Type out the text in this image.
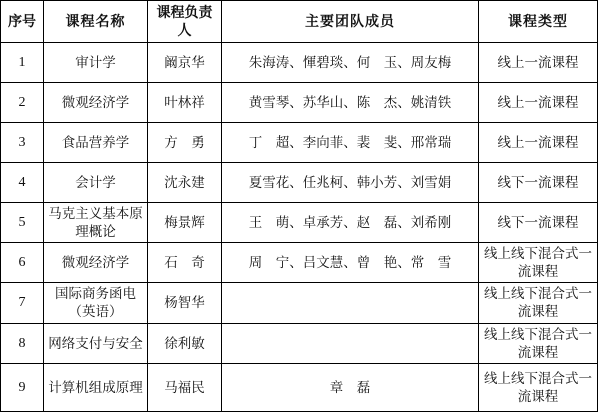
序号	课程名称	课程负责人	主要团队成员	课程类型
1	审计学	阚京华	朱海涛、惲碧琰、何　玉、周友梅	线上一流课程
2	微观经济学	叶林祥	黄雪琴、苏华山、陈　杰、姚清铁	线上一流课程
3	食品营养学	方　勇	丁　超、李向菲、裴　斐、邢常瑞	线上一流课程
4	会计学	沈永建	夏雪花、任兆柯、韩小芳、刘雪娟	线下一流课程
5	马克主义基本原理概论	梅景辉	王　萌、卓承芳、赵　磊、刘希刚	线下一流课程
6	微观经济学	石　奇	周　宁、吕文慧、曾　艳、常　雪	线上线下混合式一流课程
7	国际商务函电（英语）	杨智华		线上线下混合式一流课程
8	网络支付与安全	徐利敏		线上线下混合式一流课程
9	计算机组成原理	马福民	章　磊	线上线下混合式一流课程
